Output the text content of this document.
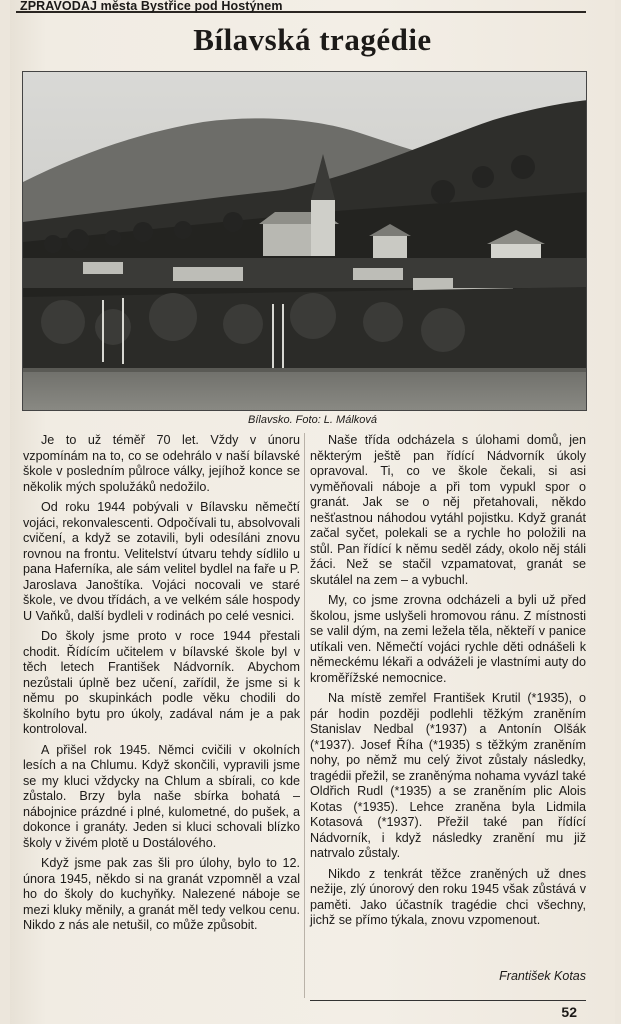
ZPRAVODAJ města Bystřice pod Hostýnem
Bílavská tragédie
Bílavsko. Foto: L. Málková

Je to už téměř 70 let. Vždy v únoru vzpomínám na to, co se odehrálo v naší bílavské škole v posledním půlroce války, jejíhož konce se několik mých spolužáků nedožilo.

Od roku 1944 pobývali v Bílavsku němečtí vojáci, rekonvalescenti. Odpočívali tu, absolvovali cvičení, a když se zotavili, byli odesíláni znovu rovnou na frontu. Velitelství útvaru tehdy sídlilo u pana Haferníka, ale sám velitel bydlel na faře u P. Jaroslava Janoštíka. Vojáci nocovali ve staré škole, ve dvou třídách, a ve velkém sále hospody U Vaňků, další bydleli v rodinách po celé vesnici.

Do školy jsme proto v roce 1944 přestali chodit. Řídícím učitelem v bílavské škole byl v těch letech František Nádvorník. Abychom nezůstali úplně bez učení, zařídil, že jsme si k němu po skupinkách podle věku chodili do školního bytu pro úkoly, zadával nám je a pak kontroloval.

A přišel rok 1945. Němci cvičili v okolních lesích a na Chlumu. Když skončili, vypravili jsme se my kluci vždycky na Chlum a sbírali, co kde zůstalo. Brzy byla naše sbírka bohatá – nábojnice prázdné i plné, kulometné, do pušek, a dokonce i granáty. Jeden si kluci schovali blízko školy v živém plotě u Dostálového.

Když jsme pak zas šli pro úlohy, bylo to 12. února 1945, někdo si na granát vzpomněl a vzal ho do školy do kuchyňky. Nalezené náboje se mezi kluky měnily, a granát měl tedy velkou cenu. Nikdo z nás ale netušil, co může způsobit.

Naše třída odcházela s úlohami domů, jen některým ještě pan řídící Nádvorník úkoly opravoval. Ti, co ve škole čekali, si asi vyměňovali náboje a při tom vypukl spor o granát. Jak se o něj přetahovali, někdo nešťastnou náhodou vytáhl pojistku. Když granát začal syčet, polekali se a rychle ho položili na stůl. Pan řídící k němu seděl zády, okolo něj stáli žáci. Než se stačil vzpamatovat, granát se skutálel na zem – a vybuchl.

My, co jsme zrovna odcházeli a byli už před školou, jsme uslyšeli hromovou ránu. Z místnosti se valil dým, na zemi ležela těla, někteří v panice utíkali ven. Němečtí vojáci rychle děti odnášeli k německému lékaři a odváželi je vlastními auty do kroměřížské nemocnice.

Na místě zemřel František Krutil (*1935), o pár hodin později podlehli těžkým zraněním Stanislav Nedbal (*1937) a Antonín Olšák (*1937). Josef Říha (*1935) s těžkým zraněním nohy, po němž mu celý život zůstaly následky, tragédii přežil, se zraněnýma nohama vyvázl také Oldřich Rudl (*1935) a se zraněním plic Alois Kotas (*1935). Lehce zraněna byla Lidmila Kotasová (*1937). Přežil také pan řídící Nádvorník, i když následky zranění mu již natrvalo zůstaly.

Nikdo z tenkrát těžce zraněných už dnes nežije, zlý únorový den roku 1945 však zůstává v paměti. Jako účastník tragédie chci všechny, jichž se přímo týkala, znovu vzpomenout.

František Kotas
52
